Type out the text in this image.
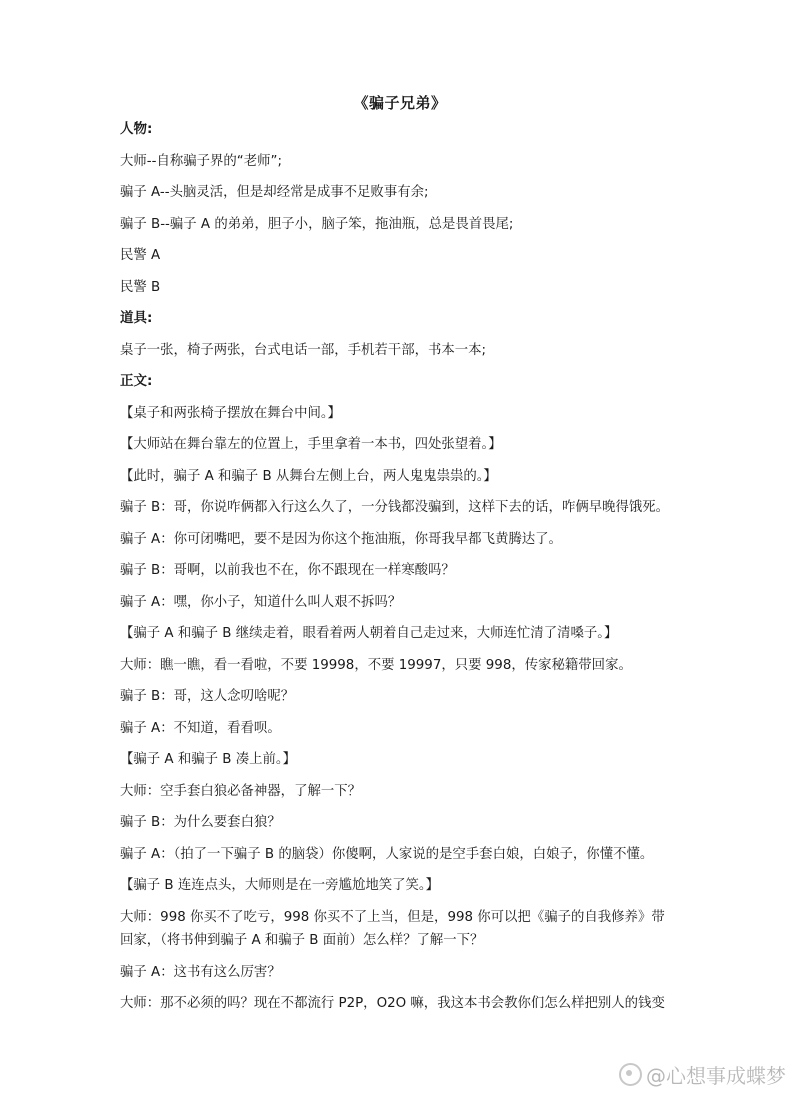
《骗子兄弟》
人物:
大师--自称骗子界的“老师”;
骗子 A--头脑灵活，但是却经常是成事不足败事有余;
骗子 B--骗子 A 的弟弟，胆子小，脑子笨，拖油瓶，总是畏首畏尾;
民警 A
民警 B
道具:
桌子一张，椅子两张，台式电话一部，手机若干部，书本一本;
正文:
【桌子和两张椅子摆放在舞台中间。】
【大师站在舞台靠左的位置上，手里拿着一本书，四处张望着。】
【此时，骗子 A 和骗子 B 从舞台左侧上台，两人鬼鬼祟祟的。】
骗子 B：哥，你说咋俩都入行这么久了，一分钱都没骗到，这样下去的话，咋俩早晚得饿死。
骗子 A：你可闭嘴吧，要不是因为你这个拖油瓶，你哥我早都飞黄腾达了。
骗子 B：哥啊，以前我也不在，你不跟现在一样寒酸吗？
骗子 A：嘿，你小子，知道什么叫人艰不拆吗？
【骗子 A 和骗子 B 继续走着，眼看着两人朝着自己走过来，大师连忙清了清嗓子。】
大师：瞧一瞧，看一看啦，不要 19998，不要 19997，只要 998，传家秘籍带回家。
骗子 B：哥，这人念叨啥呢？
骗子 A：不知道，看看呗。
【骗子 A 和骗子 B 凑上前。】
大师：空手套白狼必备神器，了解一下？
骗子 B：为什么要套白狼？
骗子 A：（拍了一下骗子 B 的脑袋）你傻啊，人家说的是空手套白娘，白娘子，你懂不懂。
【骗子 B 连连点头，大师则是在一旁尴尬地笑了笑。】
大师：998 你买不了吃亏，998 你买不了上当，但是，998 你可以把《骗子的自我修养》带
回家，（将书伸到骗子 A 和骗子 B 面前）怎么样？了解一下？
骗子 A：这书有这么厉害？
大师：那不必须的吗？现在不都流行 P2P，O2O 嘛，我这本书会教你们怎么样把别人的钱变
@心想事成蝶梦
